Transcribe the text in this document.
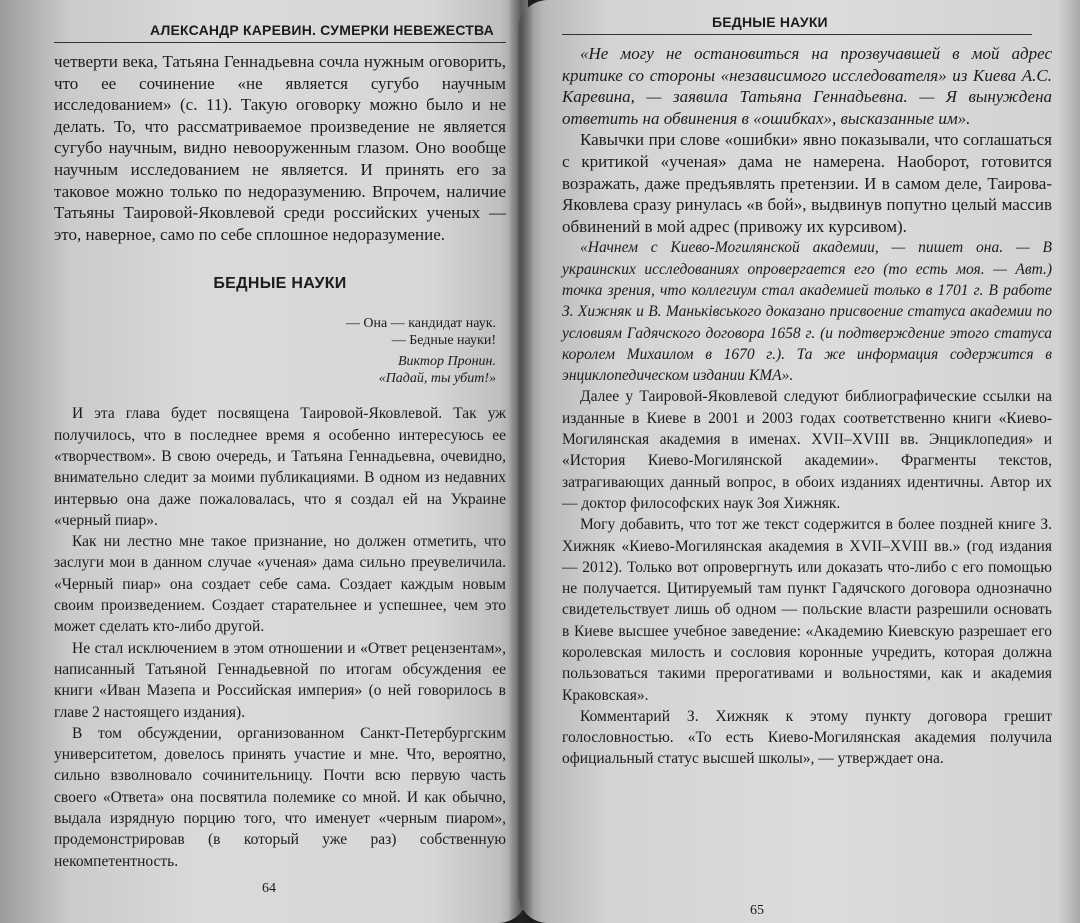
АЛЕКСАНДР КАРЕВИН. СУМЕРКИ НЕВЕЖЕСТВА

четверти века, Татьяна Геннадьевна сочла нужным оговорить, что ее сочинение «не является сугубо научным исследованием» (с. 11). Такую оговорку можно было и не делать. То, что рассматриваемое произведение не является сугубо научным, видно невооруженным глазом. Оно вообще научным исследованием не является. И принять его за таковое можно только по недоразумению. Впрочем, наличие Татьяны Таировой-Яковлевой среди российских ученых — это, наверное, само по себе сплошное недоразумение.

БЕДНЫЕ НАУКИ
— Она — кандидат наук.
— Бедные науки!
Виктор Пронин.
«Падай, ты убит!»

И эта глава будет посвящена Таировой-Яковлевой. Так уж получилось, что в последнее время я особенно интересуюсь ее «творчеством». В свою очередь, и Татьяна Геннадьевна, очевидно, внимательно следит за моими публикациями. В одном из недавних интервью она даже пожаловалась, что я создал ей на Украине «черный пиар».

Как ни лестно мне такое признание, но должен отметить, что заслуги мои в данном случае «ученая» дама сильно преувеличила. «Черный пиар» она создает себе сама. Создает каждым новым своим произведением. Создает старательнее и успешнее, чем это может сделать кто-либо другой.

Не стал исключением в этом отношении и «Ответ рецензентам», написанный Татьяной Геннадьевной по итогам обсуждения ее книги «Иван Мазепа и Российская империя» (о ней говорилось в главе 2 настоящего издания).

В том обсуждении, организованном Санкт-Петербургским университетом, довелось принять участие и мне. Что, вероятно, сильно взволновало сочинительницу. Почти всю первую часть своего «Ответа» она посвятила полемике со мной. И как обычно, выдала изрядную порцию того, что именует «черным пиаром», продемонстрировав (в который уже раз) собственную некомпетентность.

64
БЕДНЫЕ НАУКИ

«Не могу не остановиться на прозвучавшей в мой адрес критике со стороны «независимого исследователя» из Киева А.С. Каревина, — заявила Татьяна Геннадьевна. — Я вынуждена ответить на обвинения в «ошибках», высказанные им».

Кавычки при слове «ошибки» явно показывали, что соглашаться с критикой «ученая» дама не намерена. Наоборот, готовится возражать, даже предъявлять претензии. И в самом деле, Таирова-Яковлева сразу ринулась «в бой», выдвинув попутно целый массив обвинений в мой адрес (привожу их курсивом).

«Начнем с Киево-Могилянской академии, — пишет она. — В украинских исследованиях опровергается его (то есть моя. — Авт.) точка зрения, что коллегиум стал академией только в 1701 г. В работе З. Хижняк и В. Маньківського доказано присвоение статуса академии по условиям Гадячского договора 1658 г. (и подтверждение этого статуса королем Михаилом в 1670 г.). Та же информация содержится в энциклопедическом издании КМА».

Далее у Таировой-Яковлевой следуют библиографические ссылки на изданные в Киеве в 2001 и 2003 годах соответственно книги «Киево-Могилянская академия в именах. XVII–XVIII вв. Энциклопедия» и «История Киево-Могилянской академии». Фрагменты текстов, затрагивающих данный вопрос, в обоих изданиях идентичны. Автор их — доктор философских наук Зоя Хижняк.

Могу добавить, что тот же текст содержится в более поздней книге З. Хижняк «Киево-Могилянская академия в XVII–XVIII вв.» (год издания — 2012). Только вот опровергнуть или доказать что-либо с его помощью не получается. Цитируемый там пункт Гадячского договора однозначно свидетельствует лишь об одном — польские власти разрешили основать в Киеве высшее учебное заведение: «Академию Киевскую разрешает его королевская милость и сословия коронные учредить, которая должна пользоваться такими прерогативами и вольностями, как и академия Краковская».

Комментарий З. Хижняк к этому пункту договора грешит голословностью. «То есть Киево-Могилянская академия получила официальный статус высшей школы», — утверждает она.

65
